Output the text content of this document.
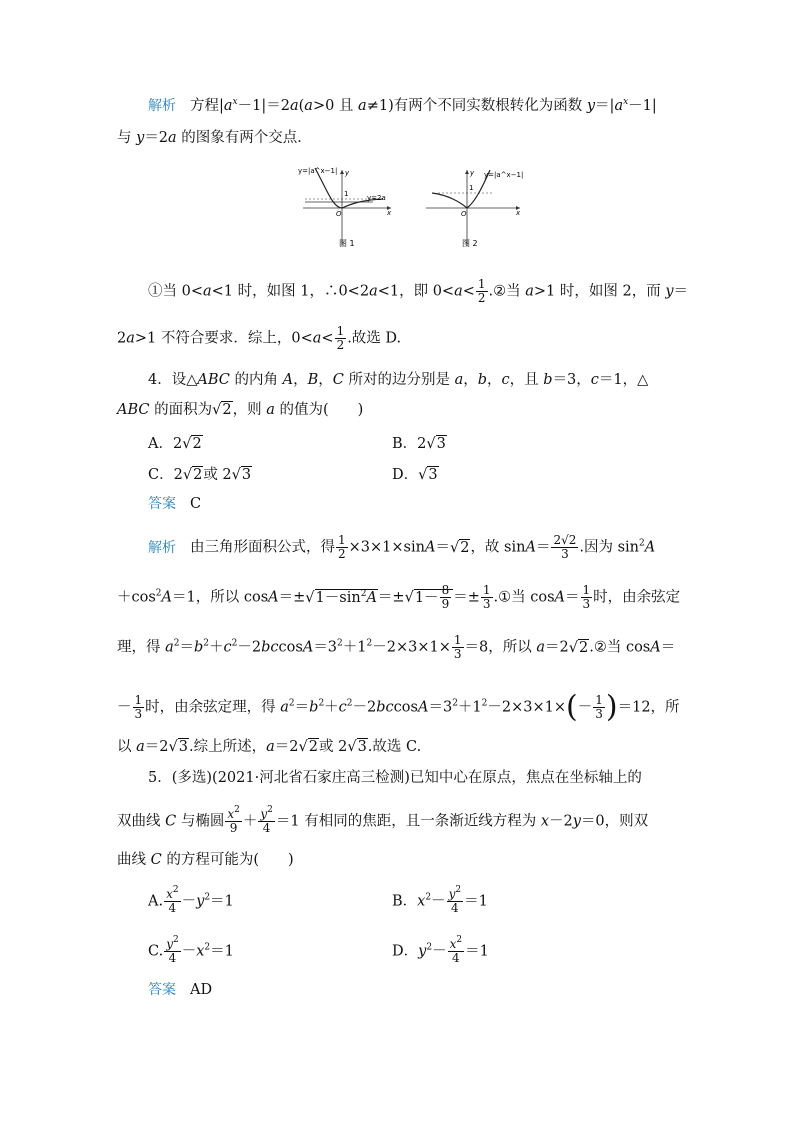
解析 方程$|a^x-1|=2a(a>0$ 且 a≠1)有两个不同实数根转化为函数 $y=|a^x-1|$
与 y＝2a 的图象有两个交点．
y=|a^x−1|
y=2a
1
O	x
y
图 1
y=|a^x−1|
1
O	x
y
图 2
①当 0<a<1 时，如图 1，∴0<2a<1，即 $0<a< \frac{1}{2}$ .②当 a>1 时，如图 2，而 y＝
2a>1 不符合要求．综上，$0<a< \frac{1}{2}$ .故选 D.
4．设△ABC 的内角 A，B，C 所对的边分别是 a，b，c，且 b＝3，c＝1，△
ABC 的面积为√2，则 a 的值为(　　)
A．2√2	B．2√3
C．2√2或 2√3	D．√3
答案 C
解析 由三角形面积公式，得 $\frac{1}{2} \times 3\times 1\times\sin A=√2$，故 $\sin A= \frac{2√2}{3}$ .因为 $\sin^2A$
$+\cos^2A=1$，所以 $\cos A=\pm√1-\sin^2A=\pm√1- \frac{8}{9} =\pm \frac{1}{3}$ .①当 $\cos A= \frac{1}{3}$ 时，由余弦定
理，得 $a^2=b^2+c^2-2bccosA=3^2+1^2-2\times 3\times 1\times \frac{1}{3} =8$，所以 a＝2√2.②当 cosA＝
－ $\frac{1}{3}$ 时，由余弦定理，得 $a^2=b^2+c^2-2bccosA=3^2+1^2-2\times 3\times 1\times(- \frac{1}{3} )=12$，所
以 a＝2√3.综上所述，a＝2√2或 2√3.故选 C.
5．(多选)(2021·河北省石家庄高三检测)已知中心在原点，焦点在坐标轴上的
双曲线 C 与椭圆 $\frac{x^2}{9} + \frac{y^2}{4} =1$ 有相同的焦距，且一条渐近线方程为 x－2y＝0，则双
曲线 C 的方程可能为(　　)
A. $\frac{x^2}{4} -y^2=1$	B．$x^2- \frac{y^2}{4} =1$
C. $\frac{y^2}{4} -x^2=1$	D．$y^2- \frac{x^2}{4} =1$
答案 AD
